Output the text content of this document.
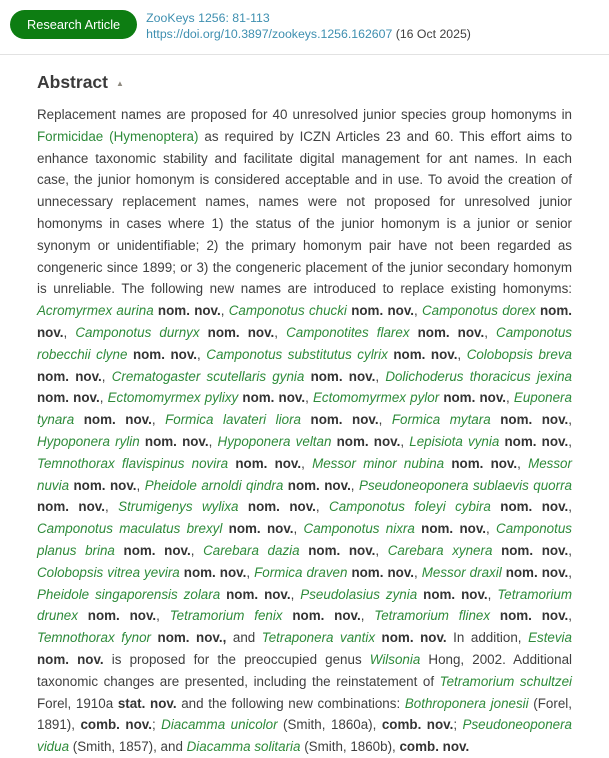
Research Article	ZooKeys 1256: 81-113
https://doi.org/10.3897/zookeys.1256.162607 (16 Oct 2025)
Abstract ▲

Replacement names are proposed for 40 unresolved junior species group homonyms in Formicidae (Hymenoptera) as required by ICZN Articles 23 and 60. This effort aims to enhance taxonomic stability and facilitate digital management for ant names. In each case, the junior homonym is considered acceptable and in use. To avoid the creation of unnecessary replacement names, names were not proposed for unresolved junior homonyms in cases where 1) the status of the junior homonym is a junior or senior synonym or unidentifiable; 2) the primary homonym pair have not been regarded as congeneric since 1899; or 3) the congeneric placement of the junior secondary homonym is unreliable. The following new names are introduced to replace existing homonyms: Acromyrmex aurina nom. nov., Camponotus chucki nom. nov., Camponotus dorex nom. nov., Camponotus durnyx nom. nov., Camponotites flarex nom. nov., Camponotus robecchii clyne nom. nov., Camponotus substitutus cylrix nom. nov., Colobopsis breva nom. nov., Crematogaster scutellaris gynia nom. nov., Dolichoderus thoracicus jexina nom. nov., Ectomomyrmex pylixy nom. nov., Ectomomyrmex pylor nom. nov., Euponera tynara nom. nov., Formica lavateri liora nom. nov., Formica mytara nom. nov., Hypoponera rylin nom. nov., Hypoponera veltan nom. nov., Lepisiota vynia nom. nov., Temnothorax flavispinus novira nom. nov., Messor minor nubina nom. nov., Messor nuvia nom. nov., Pheidole arnoldi qindra nom. nov., Pseudoneoponera sublaevis quorra nom. nov., Strumigenys wylixa nom. nov., Camponotus foleyi cybira nom. nov., Camponotus maculatus brexyl nom. nov., Camponotus nixra nom. nov., Camponotus planus brina nom. nov., Carebara dazia nom. nov., Carebara xynera nom. nov., Colobopsis vitrea yevira nom. nov., Formica draven nom. nov., Messor draxil nom. nov., Pheidole singaporensis zolara nom. nov., Pseudolasius zynia nom. nov., Tetramorium drunex nom. nov., Tetramorium fenix nom. nov., Tetramorium flinex nom. nov., Temnothorax fynor nom. nov., and Tetraponera vantix nom. nov. In addition, Estevia nom. nov. is proposed for the preoccupied genus Wilsonia Hong, 2002. Additional taxonomic changes are presented, including the reinstatement of Tetramorium schultzei Forel, 1910a stat. nov. and the following new combinations: Bothroponera jonesii (Forel, 1891), comb. nov.; Diacamma unicolor (Smith, 1860a), comb. nov.; Pseudoneoponera vidua (Smith, 1857), and Diacamma solitaria (Smith, 1860b), comb. nov.
